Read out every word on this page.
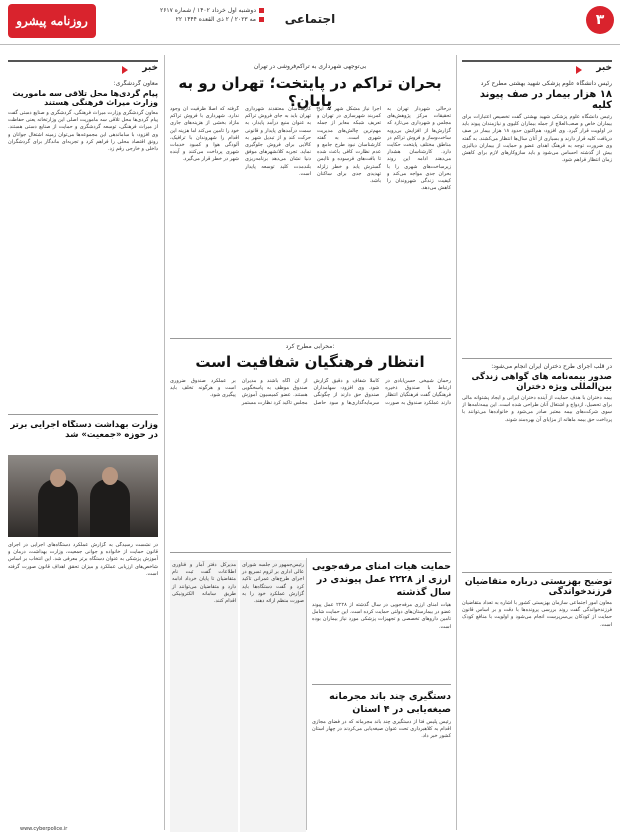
۳
اجتماعی
دوشنبه اول خرداد ۱۴۰۲ / شماره ۲۶۱۷
۲۲ مه ۲۰۲۳ / ۲ ذی القعده ۱۴۴۴
روزنامه پیشرو
خبر
رئیس دانشگاه علوم پزشکی شهید بهشتی مطرح کرد
۱۸ هزار بیمار در صف پیوند کلیه
رئیس دانشگاه علوم پزشکی شهید بهشتی گفت تخصیص اعتبارات برای بیماران خاص و صعب‌العلاج از جمله بیماران کلیوی و نیازمندان پیوند باید در اولویت قرار گیرد. وی افزود: هم‌اکنون حدود ۱۸ هزار بیمار در صف دریافت کلیه قرار دارند و بسیاری از آنان سال‌ها انتظار می‌کشند. به گفته وی ضرورت توجه به فرهنگ اهدای عضو و حمایت از بیماران دیالیزی بیش از گذشته احساس می‌شود و باید سازوکارهای لازم برای کاهش زمان انتظار فراهم شود.
در قلب اجرای طرح دختران ایران انجام می‌شود:
صدور بیمه‌نامه های گواهی زندگی بین‌المللی ویژه دختران
بیمه دختران با هدف حمایت از آینده دختران ایرانی و ایجاد پشتوانه مالی برای تحصیل، ازدواج و اشتغال آنان طراحی شده است. این بیمه‌نامه‌ها از سوی شرکت‌های بیمه معتبر صادر می‌شود و خانواده‌ها می‌توانند با پرداخت حق بیمه ماهانه از مزایای آن بهره‌مند شوند.
توضیح بهزیستی درباره متقاضیان فرزندخواندگی
معاون امور اجتماعی سازمان بهزیستی کشور با اشاره به تعداد متقاضیان فرزندخواندگی گفت روند بررسی پرونده‌ها با دقت و بر اساس قانون حمایت از کودکان بی‌سرپرست انجام می‌شود و اولویت با منافع کودک است.
بی‌توجهی شهرداری به تراکم‌فروشی در تهران
بحران تراکم در پایتخت؛ تهران رو به پایان؟	درحالی شهردار تهران به تحقیقات مرکز پژوهش‌های مجلس و شهرداری می‌تازد که گزارش‌ها از افزایش بی‌رویه ساخت‌وساز و فروش تراکم در مناطق مختلف پایتخت حکایت دارد. کارشناسان هشدار می‌دهند ادامه این روند زیرساخت‌های شهری را با بحران جدی مواجه می‌کند و کیفیت زندگی شهروندان را کاهش می‌دهد.
اجرا نیاز مشکل شهر که این کمربند شهرسازی در تهران و تعریف شبکه معابر از جمله مهم‌ترین چالش‌های مدیریت شهری است. به گفته کارشناسان نبود طرح جامع و عدم نظارت کافی باعث شده تا بافت‌های فرسوده و ناایمن گسترش یابد و خطر زلزله تهدیدی جدی برای ساکنان باشد.
کارشناسان معتقدند شهرداری تهران باید به جای فروش تراکم به عنوان منبع درآمد پایدار، به سمت درآمدهای پایدار و قانونی حرکت کند و از تبدیل شهر به کالایی برای فروش جلوگیری نماید. تجربه کلانشهرهای موفق دنیا نشان می‌دهد برنامه‌ریزی بلندمدت کلید توسعه پایدار است.
گرفته که اصلا ظرفیت آن وجود ندارد. شهرداری با فروش تراکم مازاد بخشی از هزینه‌های جاری خود را تامین می‌کند اما هزینه این اقدام را شهروندان با ترافیک، آلودگی هوا و کمبود خدمات شهری پرداخت می‌کنند و آینده شهر در خطر قرار می‌گیرد.
محرابی مطرح کرد:
انتظار فرهنگیان شفافیت است
رحمان شبیخی حسن‌آبادی در ارتباط با صندوق ذخیره فرهنگیان گفت فرهنگیان انتظار دارند عملکرد صندوق به صورت کاملا شفاف و دقیق گزارش شود. وی افزود: سهامداران صندوق حق دارند از چگونگی سرمایه‌گذاری‌ها و سود حاصل از آن آگاه باشند و مدیران صندوق موظف به پاسخگویی هستند. عضو کمیسیون آموزش مجلس تاکید کرد نظارت مستمر بر عملکرد صندوق ضروری است و هرگونه تخلف باید پیگیری شود.
حمایت هیات امنای مرفه‌جویی ارزی از ۲۲۲۸ عمل پیوندی در سال گذشته
هیات امنای ارزی مرفه‌جویی در سال گذشته از ۲۲۲۸ عمل پیوند عضو در بیمارستان‌های دولتی حمایت کرده است. این حمایت شامل تامین داروهای تخصصی و تجهیزات پزشکی مورد نیاز بیماران بوده است.
دستگیری چند باند مجرمانه صیغه‌یابی در ۴ استان
رئیس پلیس فتا از دستگیری چند باند مجرمانه که در فضای مجازی اقدام به کلاهبرداری تحت عنوان صیغه‌یابی می‌کردند در چهار استان کشور خبر داد.
رئیس‌جمهور در جلسه شورای عالی اداری بر لزوم تسریع در اجرای طرح‌های عمرانی تاکید کرد و گفت دستگاه‌ها باید گزارش عملکرد خود را به صورت منظم ارائه دهند.
مدیرکل دفتر آمار و فناوری اطلاعات گفت ثبت نام متقاضیان تا پایان خرداد ادامه دارد و متقاضیان می‌توانند از طریق سامانه الکترونیکی اقدام کنند.
خبر
معاون گردشگری:
پیام گردی‌ها محل تلاقی سه ماموریت وزارت میراث فرهنگی هستند
معاون گردشگری وزارت میراث فرهنگی، گردشگری و صنایع دستی گفت پیام گردی‌ها محل تلاقی سه ماموریت اصلی این وزارتخانه یعنی حفاظت از میراث فرهنگی، توسعه گردشگری و حمایت از صنایع دستی هستند. وی افزود: با ساماندهی این مجموعه‌ها می‌توان زمینه اشتغال جوانان و رونق اقتصاد محلی را فراهم کرد و تجربه‌ای ماندگار برای گردشگران داخلی و خارجی رقم زد.
وزارت بهداشت دستگاه اجرایی برتر در حوزه «جمعیت» شد
در نشست رسیدگی به گزارش عملکرد دستگاه‌های اجرایی در اجرای قانون حمایت از خانواده و جوانی جمعیت، وزارت بهداشت، درمان و آموزش پزشکی به عنوان دستگاه برتر معرفی شد. این انتخاب بر اساس شاخص‌های ارزیابی عملکرد و میزان تحقق اهداف قانون صورت گرفته است.
www.cyberpolice.ir
